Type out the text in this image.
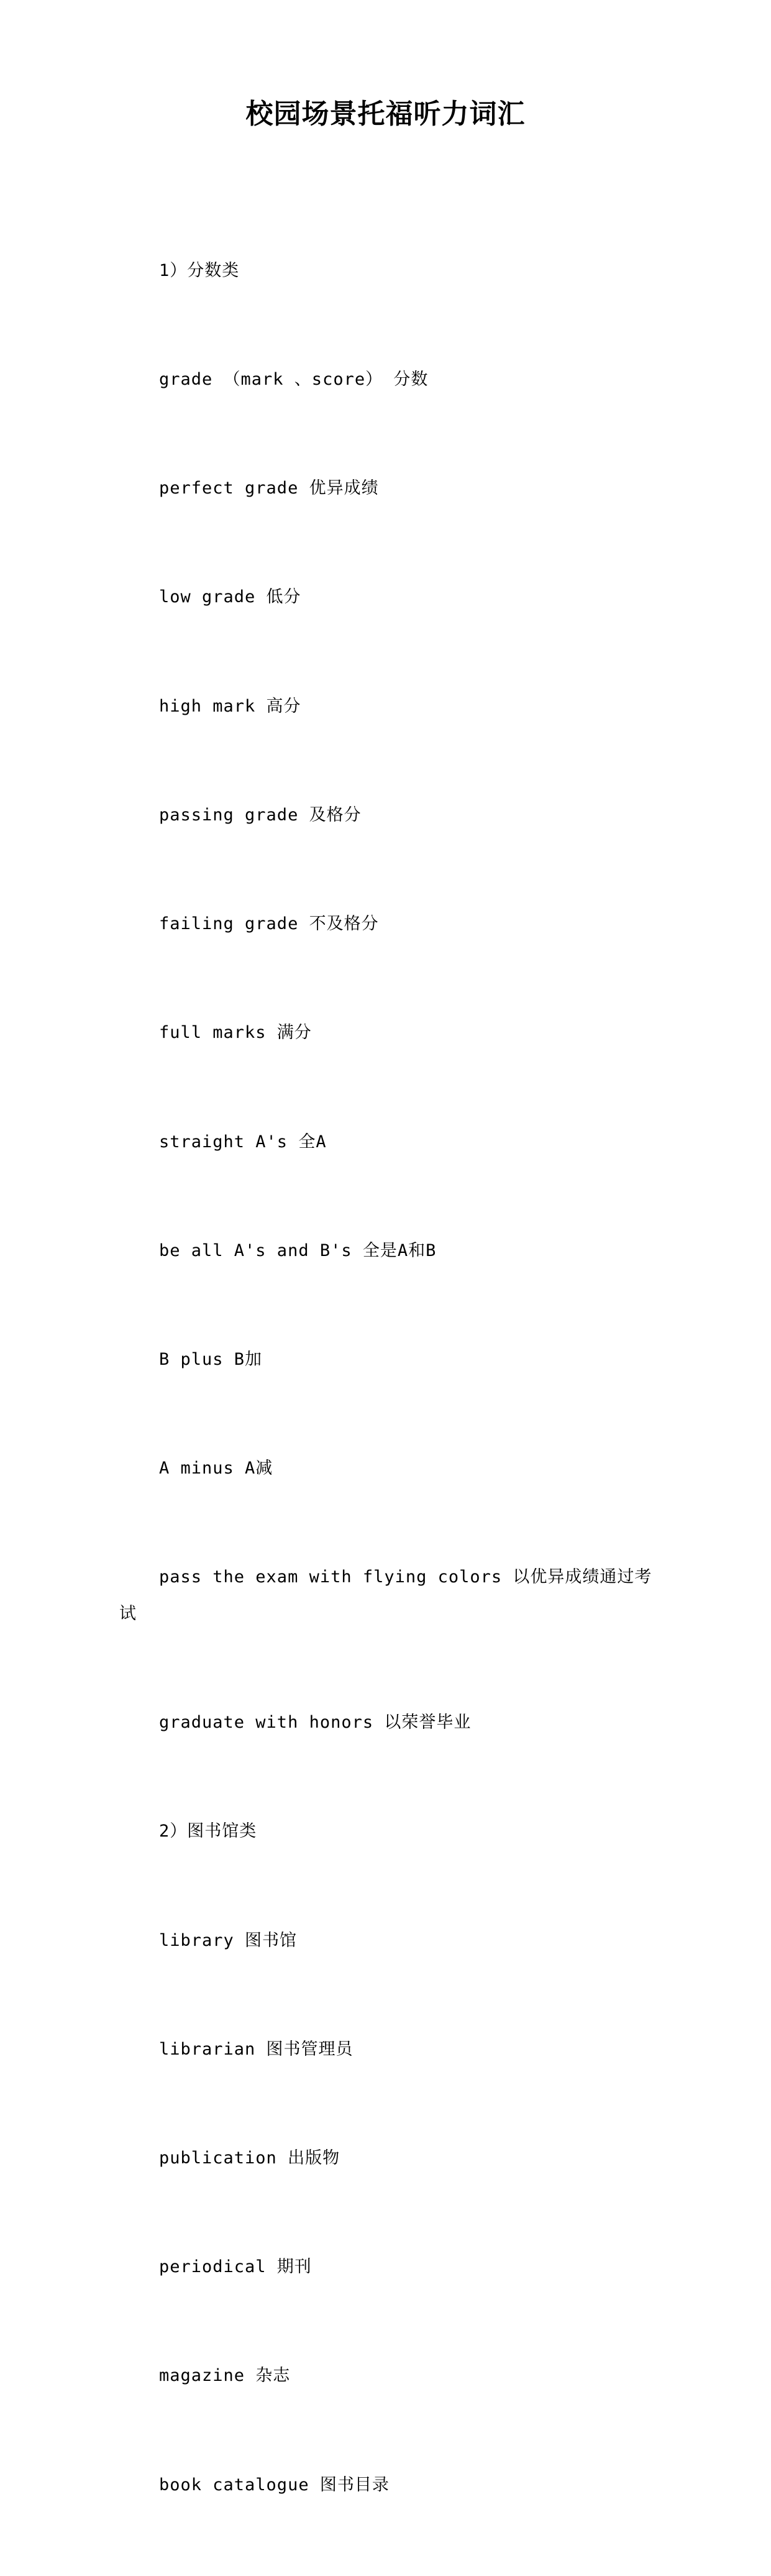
校园场景托福听力词汇

1）分数类

grade （mark 、score） 分数

perfect grade 优异成绩

low grade 低分

high mark 高分

passing grade 及格分

failing grade 不及格分

full marks 满分

straight A's 全A

be all A's and B's 全是A和B

B plus B加

A minus A减

pass the exam with flying colors 以优异成绩通过考试

graduate with honors 以荣誉毕业

2）图书馆类

library 图书馆

librarian 图书管理员

publication 出版物

periodical 期刊

magazine 杂志

book catalogue 图书目录
